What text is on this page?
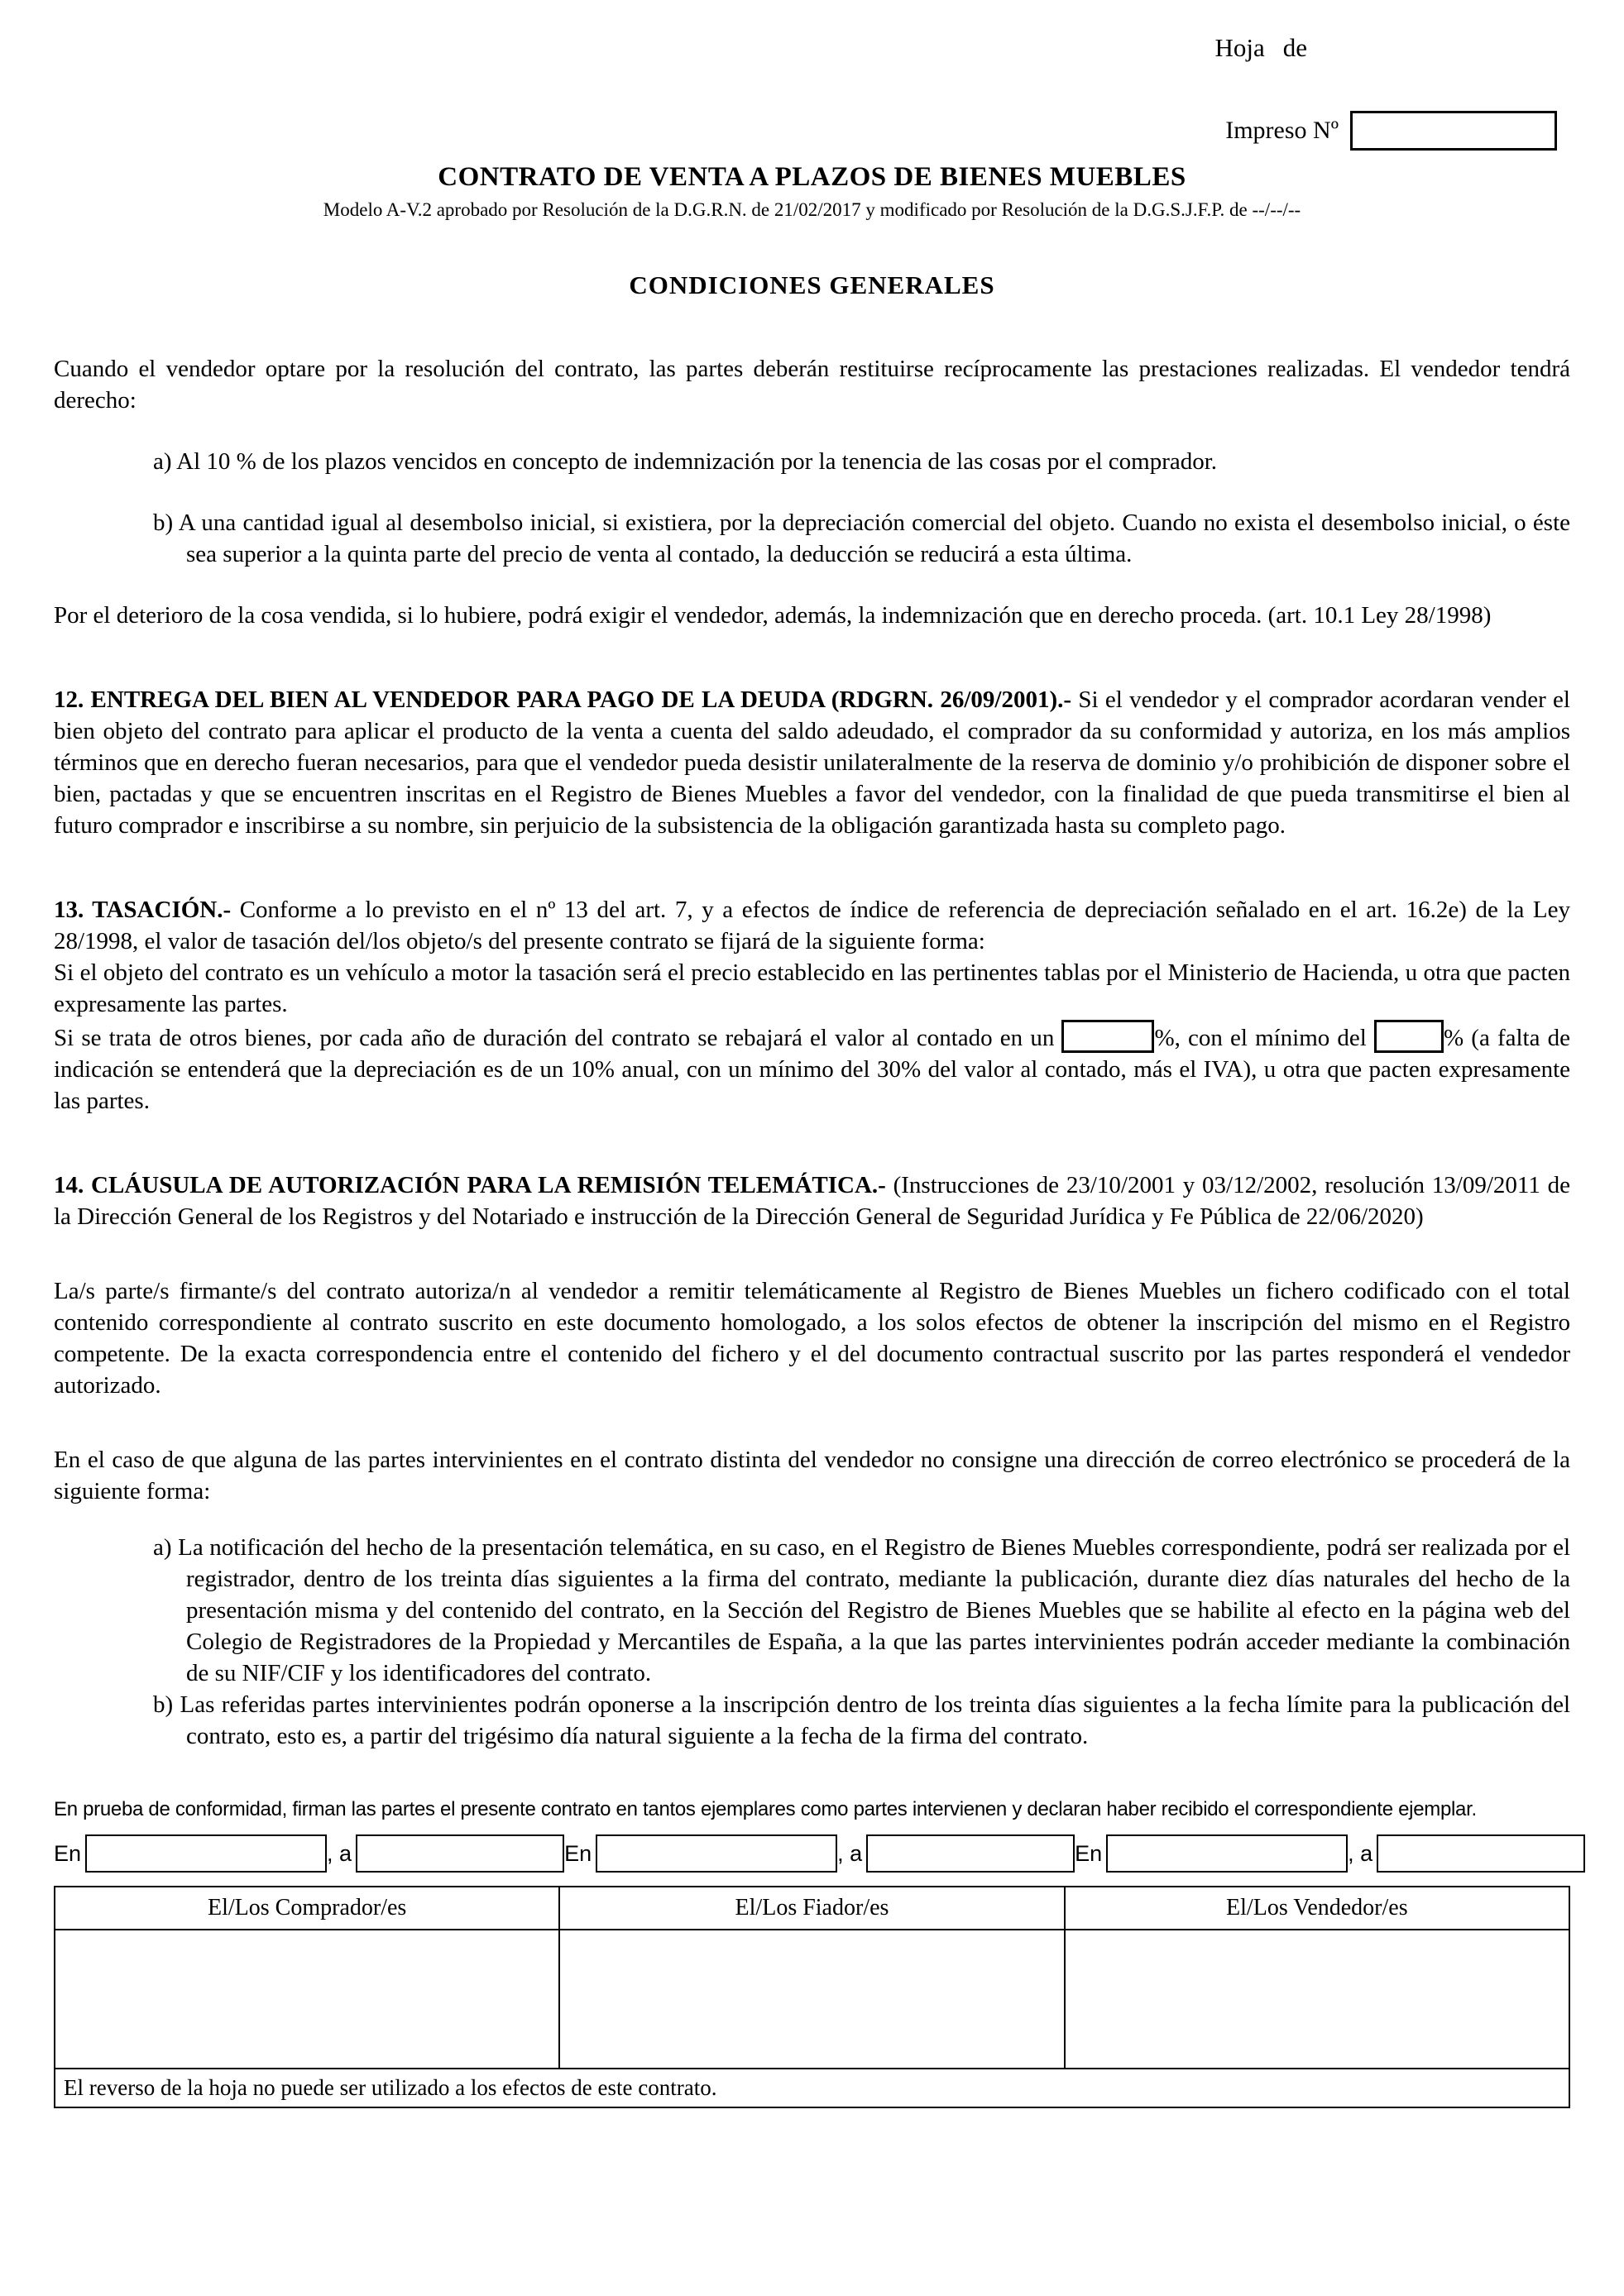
Hoja de
Impreso Nº
CONTRATO DE VENTA A PLAZOS DE BIENES MUEBLES
Modelo A-V.2 aprobado por Resolución de la D.G.R.N. de 21/02/2017 y modificado por Resolución de la D.G.S.J.F.P. de --/--/--
CONDICIONES GENERALES
Cuando el vendedor optare por la resolución del contrato, las partes deberán restituirse recíprocamente las prestaciones realizadas. El vendedor tendrá derecho:
a) Al 10 % de los plazos vencidos en concepto de indemnización por la tenencia de las cosas por el comprador.
b) A una cantidad igual al desembolso inicial, si existiera, por la depreciación comercial del objeto. Cuando no exista el desembolso inicial, o éste sea superior a la quinta parte del precio de venta al contado, la deducción se reducirá a esta última.
Por el deterioro de la cosa vendida, si lo hubiere, podrá exigir el vendedor, además, la indemnización que en derecho proceda. (art. 10.1 Ley 28/1998)
12. ENTREGA DEL BIEN AL VENDEDOR PARA PAGO DE LA DEUDA (RDGRN. 26/09/2001).- Si el vendedor y el comprador acordaran vender el bien objeto del contrato para aplicar el producto de la venta a cuenta del saldo adeudado, el comprador da su conformidad y autoriza, en los más amplios términos que en derecho fueran necesarios, para que el vendedor pueda desistir unilateralmente de la reserva de dominio y/o prohibición de disponer sobre el bien, pactadas y que se encuentren inscritas en el Registro de Bienes Muebles a favor del vendedor, con la finalidad de que pueda transmitirse el bien al futuro comprador e inscribirse a su nombre, sin perjuicio de la subsistencia de la obligación garantizada hasta su completo pago.
13. TASACIÓN.- Conforme a lo previsto en el nº 13 del art. 7, y a efectos de índice de referencia de depreciación señalado en el art. 16.2e) de la Ley 28/1998, el valor de tasación del/los objeto/s del presente contrato se fijará de la siguiente forma:
Si el objeto del contrato es un vehículo a motor la tasación será el precio establecido en las pertinentes tablas por el Ministerio de Hacienda, u otra que pacten expresamente las partes.
Si se trata de otros bienes, por cada año de duración del contrato se rebajará el valor al contado en un	%, con el mínimo del	% (a falta de indicación se entenderá que la depreciación es de un 10% anual, con un mínimo del 30% del valor al contado, más el IVA), u otra que pacten expresamente las partes.
14. CLÁUSULA DE AUTORIZACIÓN PARA LA REMISIÓN TELEMÁTICA.- (Instrucciones de 23/10/2001 y 03/12/2002, resolución 13/09/2011 de la Dirección General de los Registros y del Notariado e instrucción de la Dirección General de Seguridad Jurídica y Fe Pública de 22/06/2020)
La/s parte/s firmante/s del contrato autoriza/n al vendedor a remitir telemáticamente al Registro de Bienes Muebles un fichero codificado con el total contenido correspondiente al contrato suscrito en este documento homologado, a los solos efectos de obtener la inscripción del mismo en el Registro competente. De la exacta correspondencia entre el contenido del fichero y el del documento contractual suscrito por las partes responderá el vendedor autorizado.
En el caso de que alguna de las partes intervinientes en el contrato distinta del vendedor no consigne una dirección de correo electrónico se procederá de la siguiente forma:
a) La notificación del hecho de la presentación telemática, en su caso, en el Registro de Bienes Muebles correspondiente, podrá ser realizada por el registrador, dentro de los treinta días siguientes a la firma del contrato, mediante la publicación, durante diez días naturales del hecho de la presentación misma y del contenido del contrato, en la Sección del Registro de Bienes Muebles que se habilite al efecto en la página web del Colegio de Registradores de la Propiedad y Mercantiles de España, a la que las partes intervinientes podrán acceder mediante la combinación de su NIF/CIF y los identificadores del contrato.
b) Las referidas partes intervinientes podrán oponerse a la inscripción dentro de los treinta días siguientes a la fecha límite para la publicación del contrato, esto es, a partir del trigésimo día natural siguiente a la fecha de la firma del contrato.
En prueba de conformidad, firman las partes el presente contrato en tantos ejemplares como partes intervienen y declaran haber recibido el correspondiente ejemplar.
En	, a	En	, a	En	, a
El/Los Comprador/es	El/Los Fiador/es	El/Los Vendedor/es

El reverso de la hoja no puede ser utilizado a los efectos de este contrato.		
